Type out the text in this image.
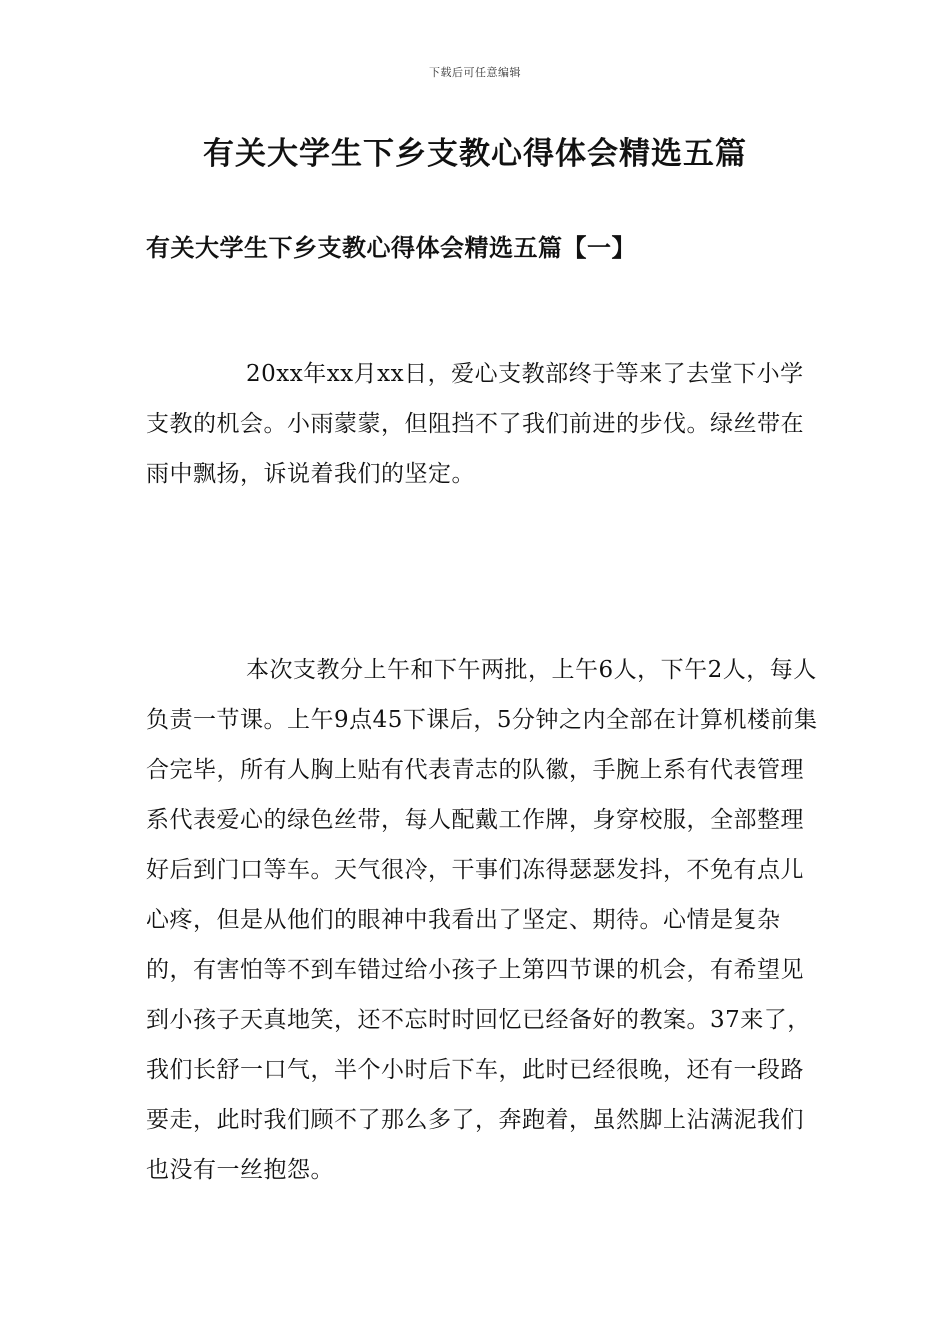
下载后可任意编辑
有关大学生下乡支教心得体会精选五篇
有关大学生下乡支教心得体会精选五篇【一】

20xx年xx月xx日，爱心支教部终于等来了去堂下小学支教的机会。小雨蒙蒙，但阻挡不了我们前进的步伐。绿丝带在雨中飘扬，诉说着我们的坚定。

本次支教分上午和下午两批，上午6人，下午2人，每人负责一节课。上午9点45下课后，5分钟之内全部在计算机楼前集合完毕，所有人胸上贴有代表青志的队徽，手腕上系有代表管理系代表爱心的绿色丝带，每人配戴工作牌，身穿校服，全部整理好后到门口等车。天气很冷，干事们冻得瑟瑟发抖，不免有点儿心疼，但是从他们的眼神中我看出了坚定、期待。心情是复杂的，有害怕等不到车错过给小孩子上第四节课的机会，有希望见到小孩子天真地笑，还不忘时时回忆已经备好的教案。37来了，我们长舒一口气，半个小时后下车，此时已经很晚，还有一段路要走，此时我们顾不了那么多了，奔跑着，虽然脚上沾满泥我们也没有一丝抱怨。
